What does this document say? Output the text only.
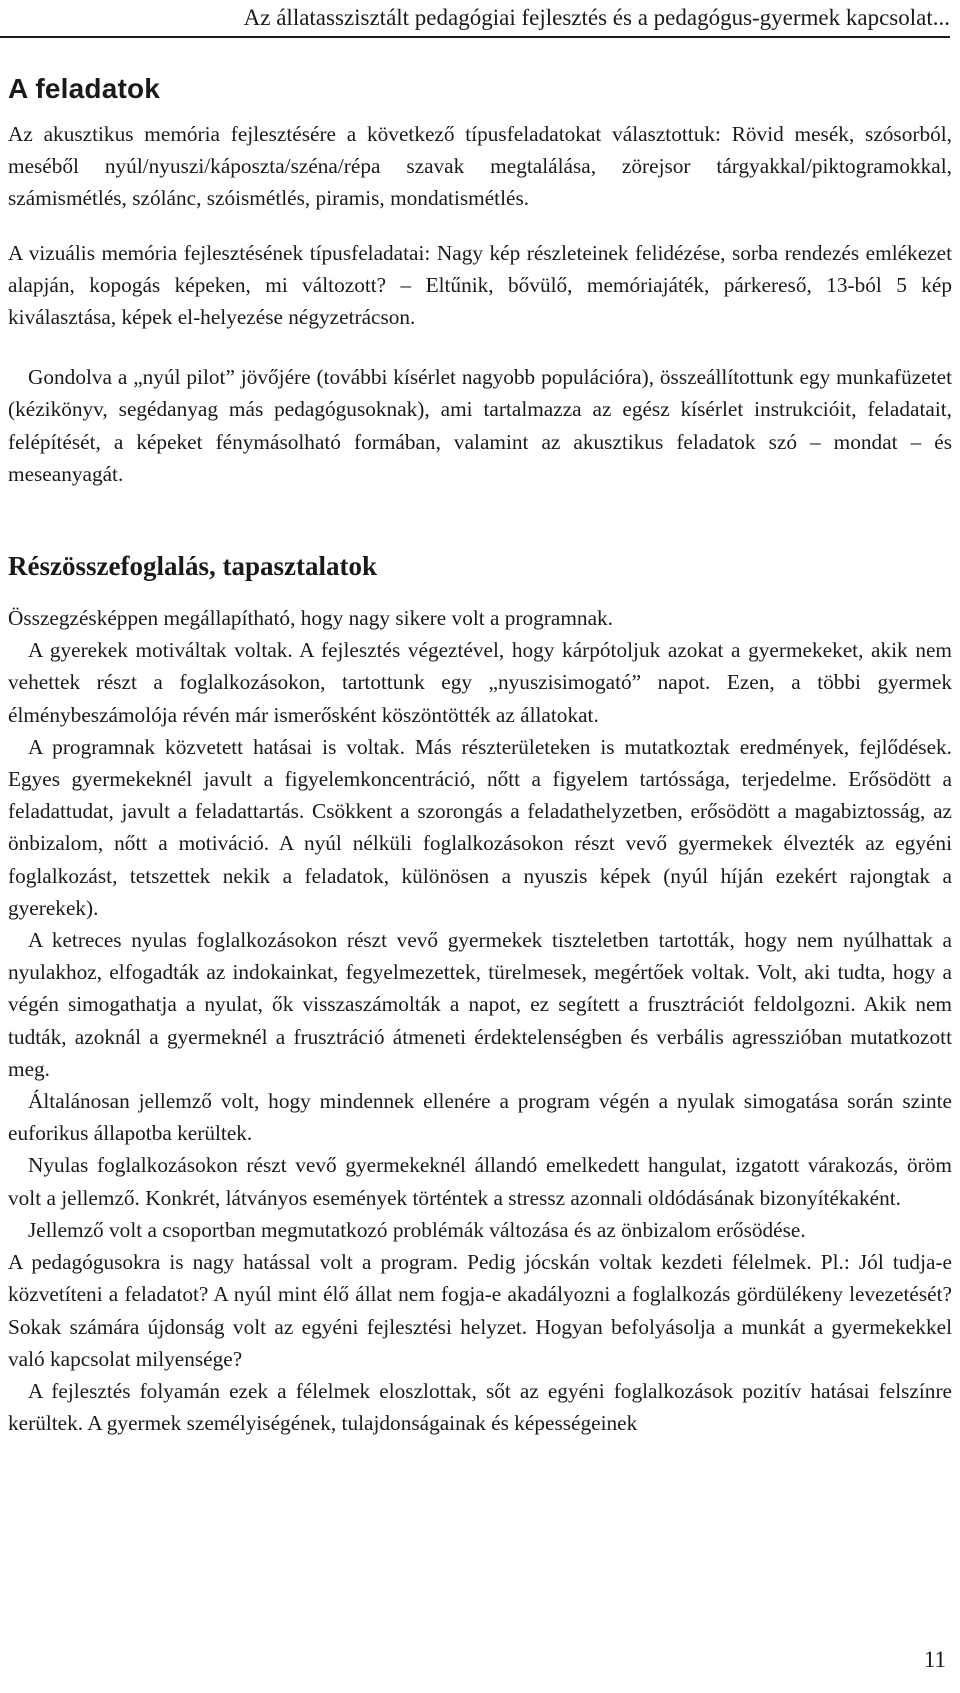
Az állatasszisztált pedagógiai fejlesztés és a pedagógus-gyermek kapcsolat...
A feladatok

Az akusztikus memória fejlesztésére a következő típusfeladatokat választottuk: Rövid mesék, szósorból, meséből nyúl/nyuszi/káposzta/széna/répa szavak megtalálása, zörejsor tárgyakkal/piktogramokkal, számismétlés, szólánc, szóismétlés, piramis, mondatismétlés.

A vizuális memória fejlesztésének típusfeladatai: Nagy kép részleteinek felidézése, sorba rendezés emlékezet alapján, kopogás képeken, mi változott? – Eltűnik, bővülő, memóriajáték, párkereső, 13-ból 5 kép kiválasztása, képek el-helyezése négyzetrácson.

Gondolva a „nyúl pilot” jövőjére (további kísérlet nagyobb populációra), összeállítottunk egy munkafüzetet (kézikönyv, segédanyag más pedagógusoknak), ami tartalmazza az egész kísérlet instrukcióit, feladatait, felépítését, a képeket fénymásolható formában, valamint az akusztikus feladatok szó – mondat – és meseanyagát.

Részösszefoglalás, tapasztalatok

Összegzésképpen megállapítható, hogy nagy sikere volt a programnak.

A gyerekek motiváltak voltak. A fejlesztés végeztével, hogy kárpótoljuk azokat a gyermekeket, akik nem vehettek részt a foglalkozásokon, tartottunk egy „nyuszisimogató” napot. Ezen, a többi gyermek élménybeszámolója révén már ismerősként köszöntötték az állatokat.

A programnak közvetett hatásai is voltak. Más részterületeken is mutatkoztak eredmények, fejlődések. Egyes gyermekeknél javult a figyelemkoncentráció, nőtt a figyelem tartóssága, terjedelme. Erősödött a feladattudat, javult a feladattartás. Csökkent a szorongás a feladathelyzetben, erősödött a magabiztosság, az önbizalom, nőtt a motiváció. A nyúl nélküli foglalkozásokon részt vevő gyermekek élvezték az egyéni foglalkozást, tetszettek nekik a feladatok, különösen a nyuszis képek (nyúl híján ezekért rajongtak a gyerekek).

A ketreces nyulas foglalkozásokon részt vevő gyermekek tiszteletben tartották, hogy nem nyúlhattak a nyulakhoz, elfogadták az indokainkat, fegyelmezettek, türelmesek, megértőek voltak. Volt, aki tudta, hogy a végén simogathatja a nyulat, ők visszaszámolták a napot, ez segített a frusztrációt feldolgozni. Akik nem tudták, azoknál a gyermeknél a frusztráció átmeneti érdektelenségben és verbális agresszióban mutatkozott meg.

Általánosan jellemző volt, hogy mindennek ellenére a program végén a nyulak simogatása során szinte euforikus állapotba kerültek.

Nyulas foglalkozásokon részt vevő gyermekeknél állandó emelkedett hangulat, izgatott várakozás, öröm volt a jellemző. Konkrét, látványos események történtek a stressz azonnali oldódásának bizonyítékaként.

Jellemző volt a csoportban megmutatkozó problémák változása és az önbizalom erősödése.

A pedagógusokra is nagy hatással volt a program. Pedig jócskán voltak kezdeti félelmek. Pl.: Jól tudja-e közvetíteni a feladatot? A nyúl mint élő állat nem fogja-e akadályozni a foglalkozás gördülékeny levezetését? Sokak számára újdonság volt az egyéni fejlesztési helyzet. Hogyan befolyásolja a munkát a gyermekekkel való kapcsolat milyensége?

A fejlesztés folyamán ezek a félelmek eloszlottak, sőt az egyéni foglalkozások pozitív hatásai felszínre kerültek. A gyermek személyiségének, tulajdonságainak és képességeinek

11
